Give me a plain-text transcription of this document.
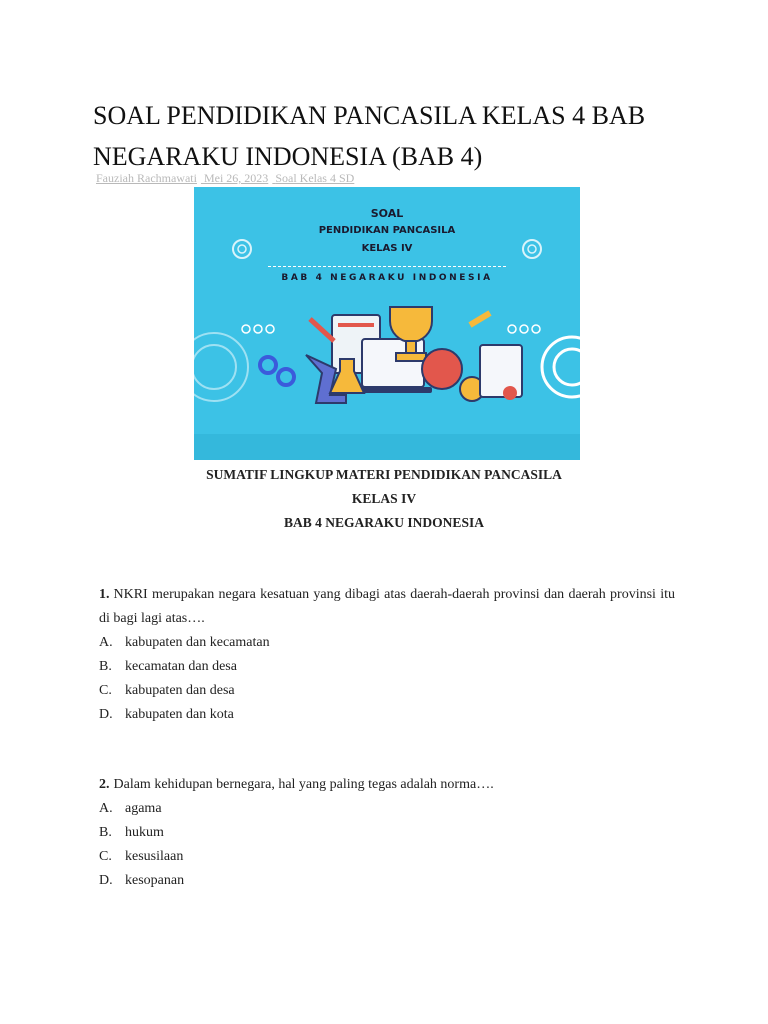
SOAL PENDIDIKAN PANCASILA KELAS 4 BAB NEGARAKU INDONESIA (BAB 4)
Fauziah Rachmawati Mei 26, 2023 Soal Kelas 4 SD
SOAL
PENDIDIKAN PANCASILA
KELAS IV
BAB 4 NEGARAKU INDONESIA
SUMATIF LINGKUP MATERI PENDIDIKAN PANCASILA
KELAS IV
BAB 4 NEGARAKU INDONESIA

1. NKRI merupakan negara kesatuan yang dibagi atas daerah-daerah provinsi dan daerah provinsi itu di bagi lagi atas….

A. kabupaten dan kecamatan
B. kecamatan dan desa
C. kabupaten dan desa
D. kabupaten dan kota

2. Dalam kehidupan bernegara, hal yang paling tegas adalah norma….

A. agama
B. hukum
C. kesusilaan
D. kesopanan
